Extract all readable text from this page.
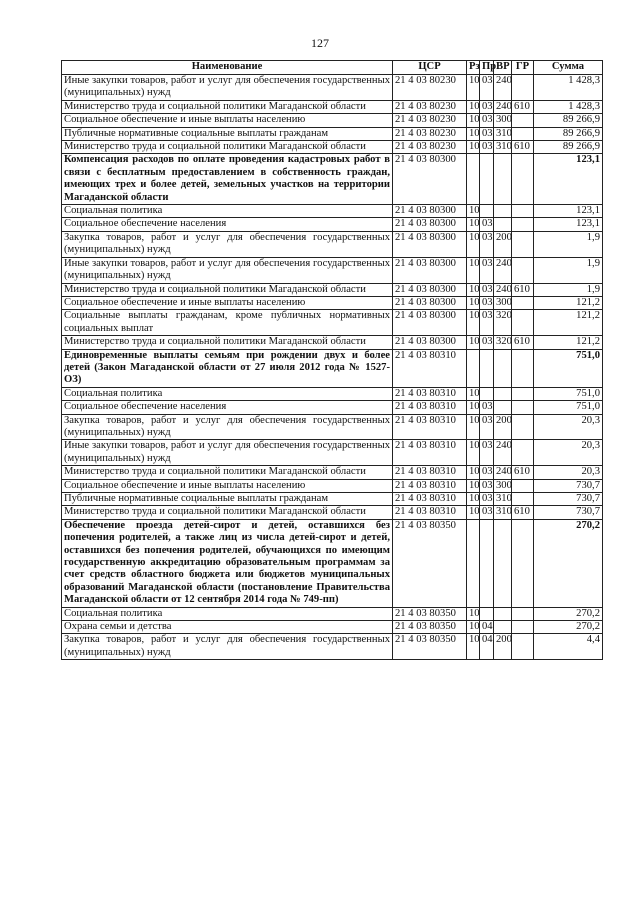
127
Наименование	ЦСР	Рз	Пр	ВР	ГР	Сумма
Иные закупки товаров, работ и услуг для обеспечения государственных (муниципальных) нужд	21 4 03 80230	10	03	240		1 428,3
Министерство труда и социальной политики Магаданской области	21 4 03 80230	10	03	240	610	1 428,3
Социальное обеспечение и иные выплаты населению	21 4 03 80230	10	03	300		89 266,9
Публичные нормативные социальные выплаты гражданам	21 4 03 80230	10	03	310		89 266,9
Министерство труда и социальной политики Магаданской области	21 4 03 80230	10	03	310	610	89 266,9
Компенсация расходов по оплате проведения кадастровых работ в связи с бесплатным предоставлением в собственность граждан, имеющих трех и более детей, земельных участков на территории Магаданской области	21 4 03 80300					123,1
Социальная политика	21 4 03 80300	10				123,1
Социальное обеспечение населения	21 4 03 80300	10	03			123,1
Закупка товаров, работ и услуг для обеспечения государственных (муниципальных) нужд	21 4 03 80300	10	03	200		1,9
Иные закупки товаров, работ и услуг для обеспечения государственных (муниципальных) нужд	21 4 03 80300	10	03	240		1,9
Министерство труда и социальной политики Магаданской области	21 4 03 80300	10	03	240	610	1,9
Социальное обеспечение и иные выплаты населению	21 4 03 80300	10	03	300		121,2
Социальные выплаты гражданам, кроме публичных нормативных социальных выплат	21 4 03 80300	10	03	320		121,2
Министерство труда и социальной политики Магаданской области	21 4 03 80300	10	03	320	610	121,2
Единовременные выплаты семьям при рождении двух и более детей (Закон Магаданской области от 27 июля 2012 года № 1527-ОЗ)	21 4 03 80310					751,0
Социальная политика	21 4 03 80310	10				751,0
Социальное обеспечение населения	21 4 03 80310	10	03			751,0
Закупка товаров, работ и услуг для обеспечения государственных (муниципальных) нужд	21 4 03 80310	10	03	200		20,3
Иные закупки товаров, работ и услуг для обеспечения государственных (муниципальных) нужд	21 4 03 80310	10	03	240		20,3
Министерство труда и социальной политики Магаданской области	21 4 03 80310	10	03	240	610	20,3
Социальное обеспечение и иные выплаты населению	21 4 03 80310	10	03	300		730,7
Публичные нормативные социальные выплаты гражданам	21 4 03 80310	10	03	310		730,7
Министерство труда и социальной политики Магаданской области	21 4 03 80310	10	03	310	610	730,7
Обеспечение проезда детей-сирот и детей, оставшихся без попечения родителей, а также лиц из числа детей-сирот и детей, оставшихся без попечения родителей, обучающихся по имеющим государственную аккредитацию образовательным программам за счет средств областного бюджета или бюджетов муниципальных образований Магаданской области (постановление Правительства Магаданской области от 12 сентября 2014 года № 749-пп)	21 4 03 80350					270,2
Социальная политика	21 4 03 80350	10				270,2
Охрана семьи и детства	21 4 03 80350	10	04			270,2
Закупка товаров, работ и услуг для обеспечения государственных (муниципальных) нужд	21 4 03 80350	10	04	200		4,4
